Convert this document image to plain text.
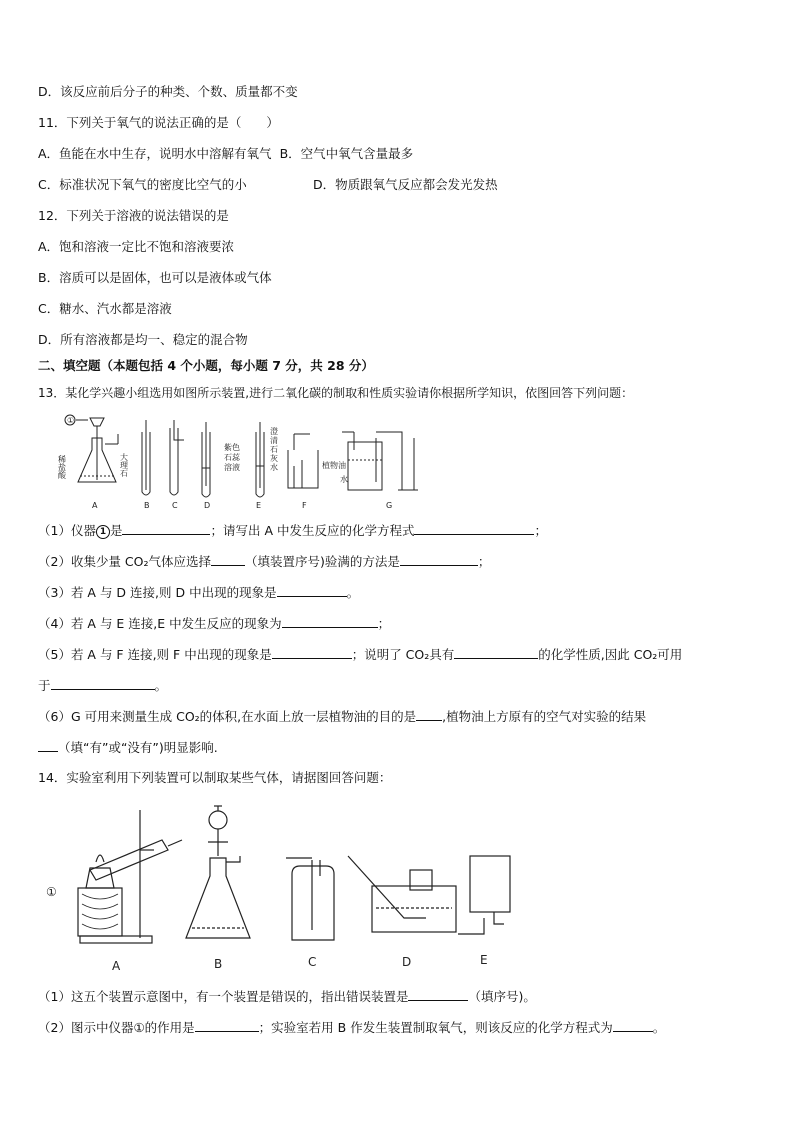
D．该反应前后分子的种类、个数、质量都不变
11．下列关于氧气的说法正确的是（　　）
A．鱼能在水中生存，说明水中溶解有氧气 B．空气中氧气含量最多
C．标准状况下氧气的密度比空气的小	D．物质跟氧气反应都会发光发热
12．下列关于溶液的说法错误的是
A．饱和溶液一定比不饱和溶液要浓
B．溶质可以是固体，也可以是液体或气体
C．糖水、汽水都是溶液
D．所有溶液都是均一、稳定的混合物
二、填空题（本题包括 4 个小题，每小题 7 分，共 28 分）
13．某化学兴趣小组选用如图所示装置,进行二氧化碳的制取和性质实验请你根据所学知识，依图回答下列问题：
稀
盐
酸
大
理
石
紫色
石蕊
溶液
澄
清
石
灰
水	植物油
水
A	B	C	D	E	F	G
①
（1）仪器 1 是	；请写出 A 中发生反应的化学方程式	；
（2）收集少量 CO₂气体应选择	（填装置序号)验满的方法是	；
（3）若 A 与 D 连接,则 D 中出现的现象是	。
（4）若 A 与 E 连接,E 中发生反应的现象为	；
（5）若 A 与 F 连接,则 F 中出现的现象是	；说明了 CO₂具有	的化学性质,因此 CO₂可用
于	。
（6）G 可用来测量生成 CO₂的体积,在水面上放一层植物油的目的是 ,植物油上方原有的空气对实验的结果
（填“有”或“没有”)明显影响.
14．实验室利用下列装置可以制取某些气体，请据图回答问题：
①
A	B	C	D	E
（1）这五个装置示意图中，有一个装置是错误的，指出错误装置是	（填序号)。
（2）图示中仪器①的作用是	；实验室若用 B 作发生装置制取氧气，则该反应的化学方程式为	。
